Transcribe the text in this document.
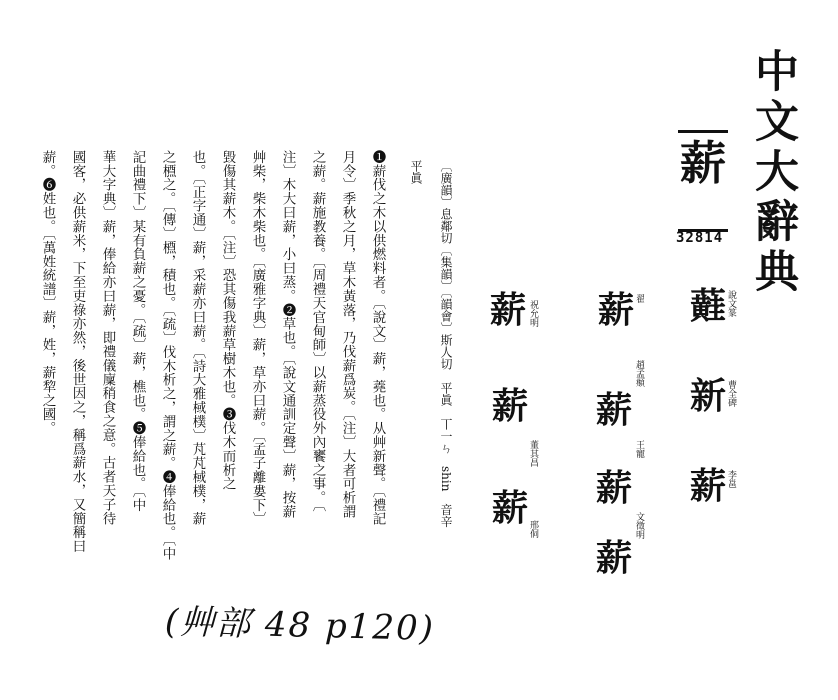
中文大辭典
薪
32814
蘳 說文篆
新 曹全碑
薪 李邕
薪 翟
薪
趙孟頫
薪
王寵
薪
文徵明
薪 祝允明
薪
董其昌
薪 邢侗
〔廣韻〕息鄰切〔集韻〕〔韻會〕斯人切　平眞　丅一ㄣ　shin　音辛
平眞
❶薪伐之木以供燃料者。〔說文〕薪，蕘也。从艸新聲。〔禮記
月令〕季秋之月，草木黃落，乃伐薪爲炭。〔注〕大者可析謂
之薪。薪施教養。〔周禮天官甸師〕以薪蒸役外內饔之事。〔
注〕木大曰薪，小曰蒸。❷草也。〔說文通訓定聲〕薪，按薪
艸柴，柴木柴也。〔廣雅字典〕薪，草亦曰薪。〔孟子離婁下〕
毀傷其薪木。〔注〕恐其傷我薪草樹木也。❸伐木而析之
也。〔正字通〕薪，采薪亦曰薪。〔詩大雅棫樸〕芃芃棫樸，薪
之槱之。〔傳〕槱，積也。〔疏〕伐木析之，謂之薪。❹俸給也。〔中
記曲禮下〕某有負薪之憂。〔疏〕薪，樵也。❺俸給也。〔中
華大字典〕薪，俸給亦曰薪，即禮儀廩稍食之意。古者天子待
國客，必供薪米，下至吏祿亦然，後世因之，稱爲薪水，又簡稱曰
薪。❻姓也。〔萬姓統譜〕薪，姓，薪犂之國。
(艸部 48 p120)
